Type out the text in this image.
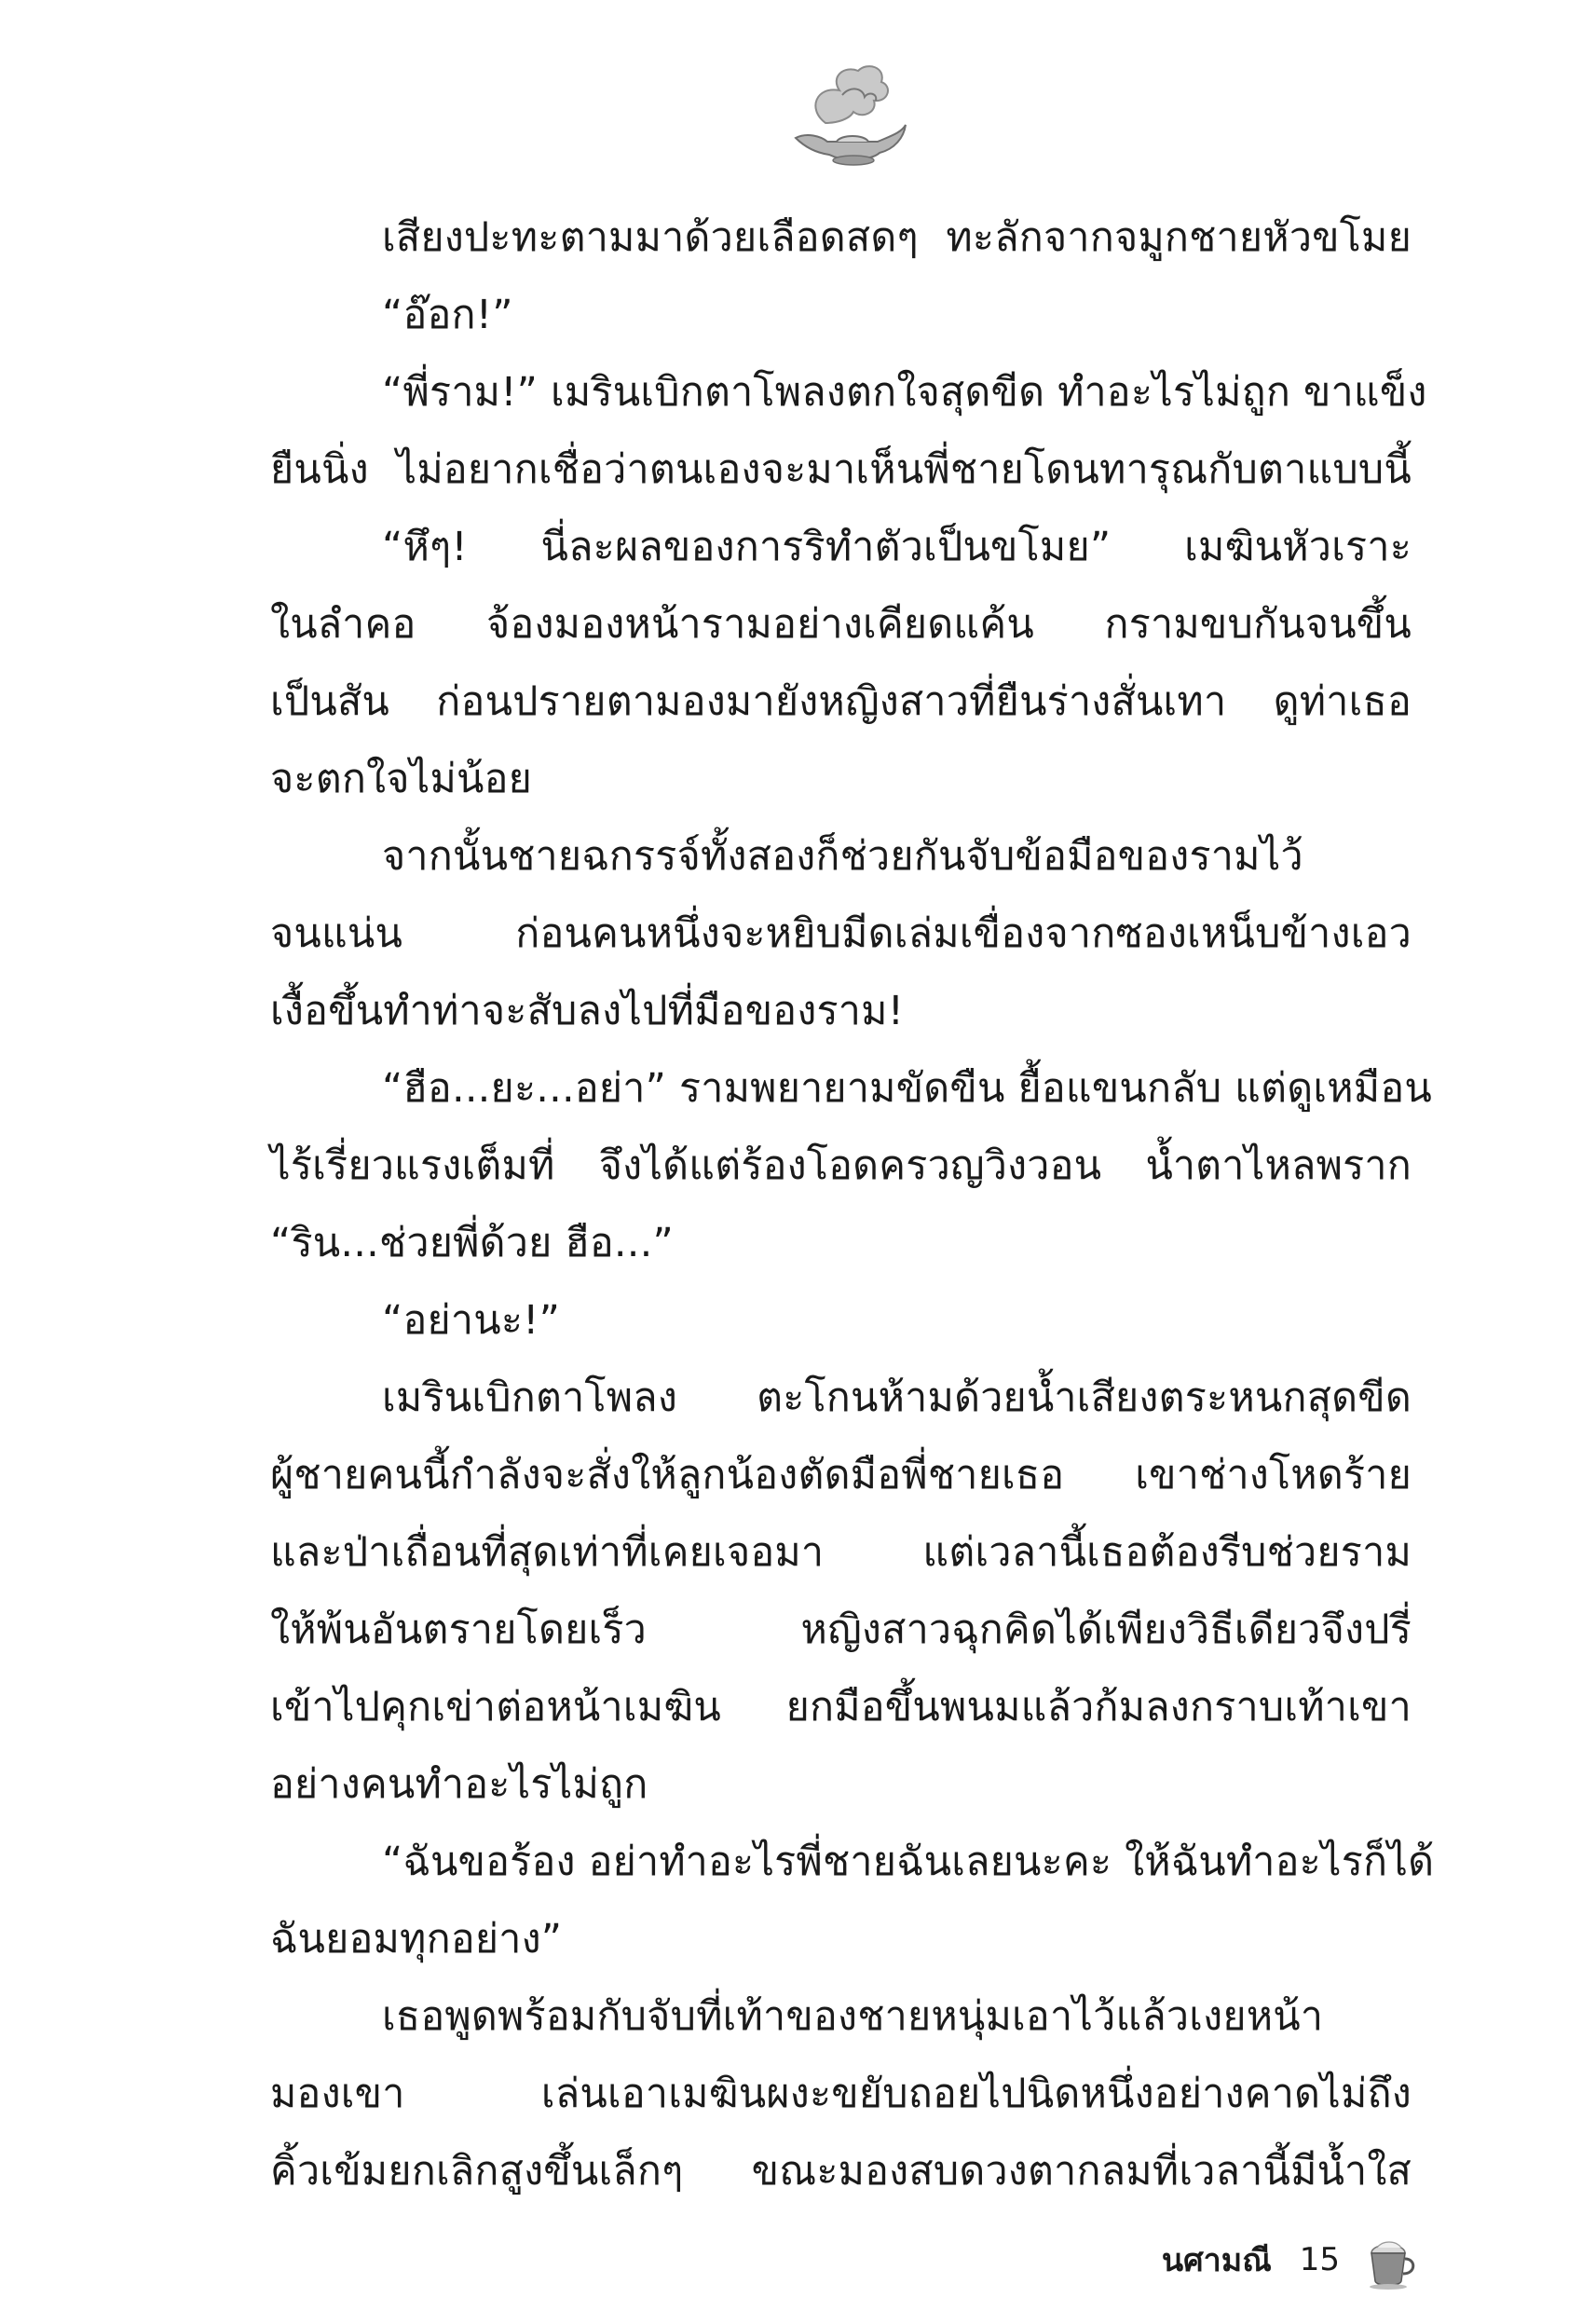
เสียงปะทะตามมาด้วยเลือดสดๆ ทะลักจากจมูกชายหัวขโมย
“อ๊อก!”
“พี่ราม!” เมรินเบิกตาโพลงตกใจสุดขีด ทำอะไรไม่ถูก ขาแข็ง
ยืนนิ่ง ไม่อยากเชื่อว่าตนเองจะมาเห็นพี่ชายโดนทารุณกับตาแบบนี้
“หึๆ! นี่ละผลของการริทำตัวเป็นขโมย” เมฆินหัวเราะ
ในลำคอ จ้องมองหน้ารามอย่างเคียดแค้น กรามขบกันจนขึ้น
เป็นสัน ก่อนปรายตามองมายังหญิงสาวที่ยืนร่างสั่นเทา ดูท่าเธอ
จะตกใจไม่น้อย
จากนั้นชายฉกรรจ์ทั้งสองก็ช่วยกันจับข้อมือของรามไว้
จนแน่น ก่อนคนหนึ่งจะหยิบมีดเล่มเขื่องจากซองเหน็บข้างเอว
เงื้อขึ้นทำท่าจะสับลงไปที่มือของราม!
“ฮือ...ยะ...อย่า” รามพยายามขัดขืน ยื้อแขนกลับ แต่ดูเหมือน
ไร้เรี่ยวแรงเต็มที่ จึงได้แต่ร้องโอดครวญวิงวอน น้ำตาไหลพราก
“ริน...ช่วยพี่ด้วย ฮือ...”
“อย่านะ!”
เมรินเบิกตาโพลง ตะโกนห้ามด้วยน้ำเสียงตระหนกสุดขีด
ผู้ชายคนนี้กำลังจะสั่งให้ลูกน้องตัดมือพี่ชายเธอ เขาช่างโหดร้าย
และป่าเถื่อนที่สุดเท่าที่เคยเจอมา แต่เวลานี้เธอต้องรีบช่วยราม
ให้พ้นอันตรายโดยเร็ว หญิงสาวฉุกคิดได้เพียงวิธีเดียวจึงปรี่
เข้าไปคุกเข่าต่อหน้าเมฆิน ยกมือขึ้นพนมแล้วก้มลงกราบเท้าเขา
อย่างคนทำอะไรไม่ถูก
“ฉันขอร้อง อย่าทำอะไรพี่ชายฉันเลยนะคะ ให้ฉันทำอะไรก็ได้
ฉันยอมทุกอย่าง”
เธอพูดพร้อมกับจับที่เท้าของชายหนุ่มเอาไว้แล้วเงยหน้า
มองเขา เล่นเอาเมฆินผงะขยับถอยไปนิดหนึ่งอย่างคาดไม่ถึง
คิ้วเข้มยกเลิกสูงขึ้นเล็กๆ ขณะมองสบดวงตากลมที่เวลานี้มีน้ำใส
นศามณี 15
